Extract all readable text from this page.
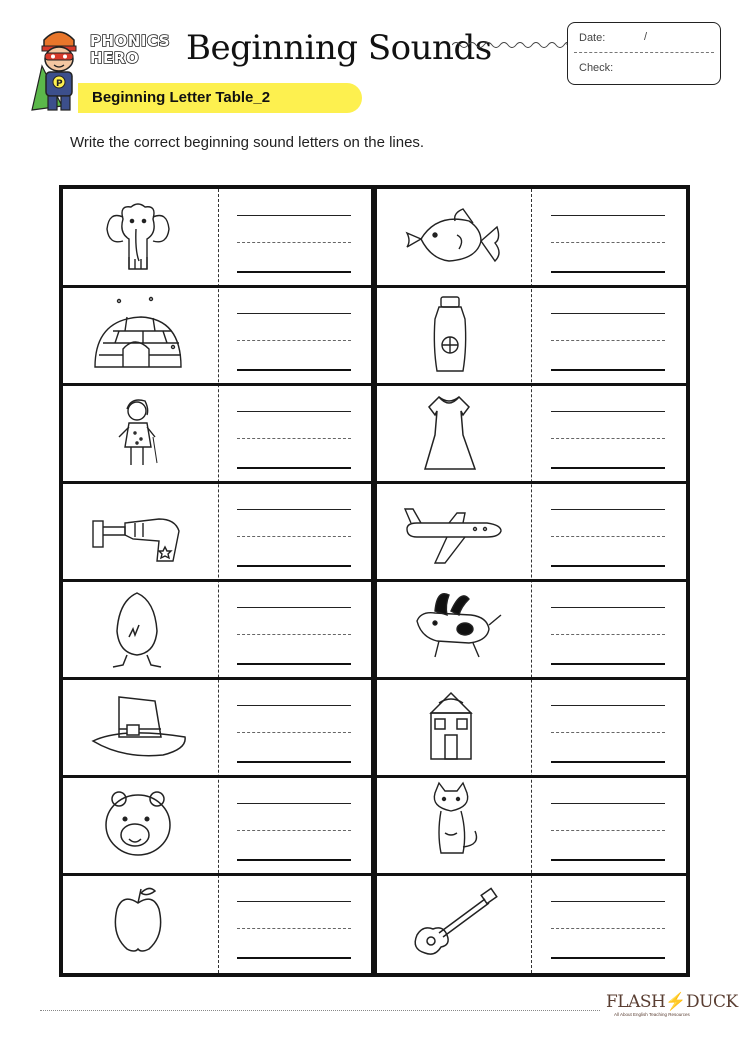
P
PHONICS
HERO Beginning Sounds	Date:	/
Check:
Beginning Letter Table_2
Write the correct beginning sound letters on the lines.
FLASH⚡DUCK
All About English Teaching Resources
